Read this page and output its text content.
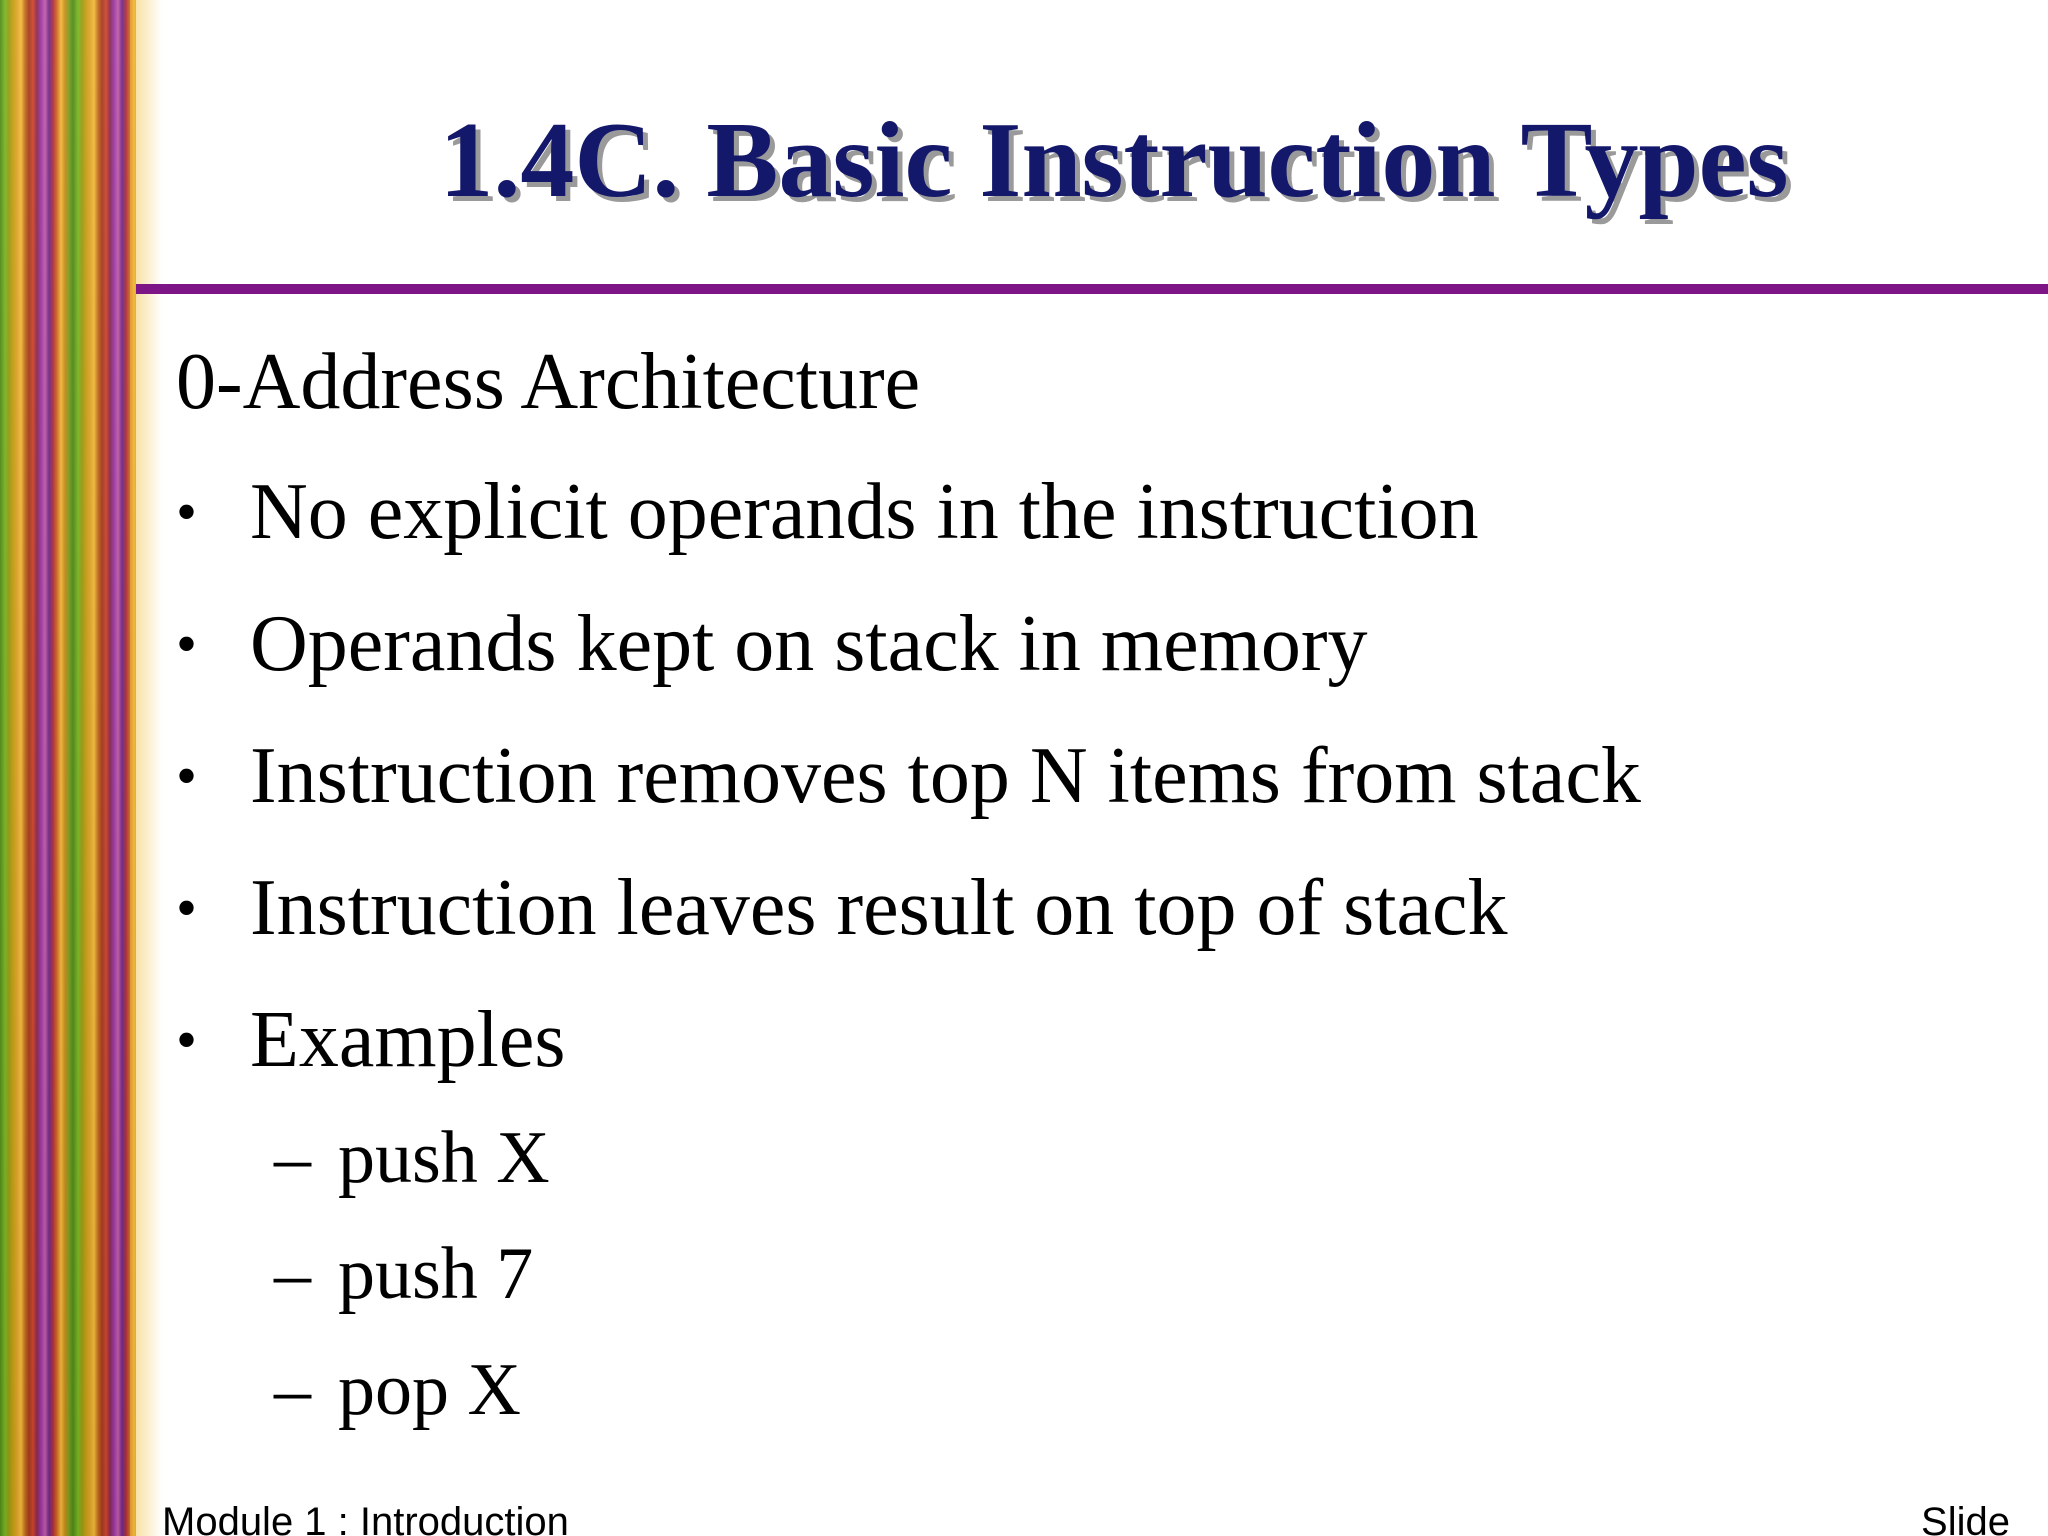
1.4C. Basic Instruction Types
0-Address Architecture
• No explicit operands in the instruction
• Operands kept on stack in memory
• Instruction removes top N items from stack
• Instruction leaves result on top of stack
• Examples
– push X
– push 7
– pop X
Module 1 : Introduction	Slide
